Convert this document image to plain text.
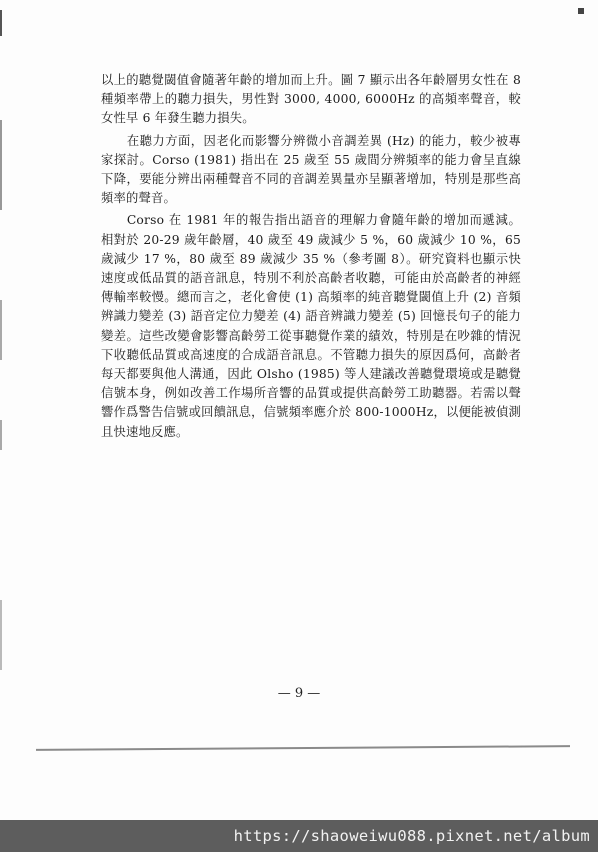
以上的聽覺閾值會隨著年齡的增加而上升。圖 7 顯示出各年齡層男女性在 8 種頻率帶上的聽力損失，男性對 3000, 4000, 6000Hz 的高頻率聲音，較女性早 6 年發生聽力損失。

在聽力方面，因老化而影響分辨微小音調差異 (Hz) 的能力，較少被專家探討。Corso (1981) 指出在 25 歲至 55 歲間分辨頻率的能力會呈直線下降，要能分辨出兩種聲音不同的音調差異量亦呈顯著增加，特別是那些高頻率的聲音。

Corso 在 1981 年的報告指出語音的理解力會隨年齡的增加而遞減。相對於 20-29 歲年齡層，40 歲至 49 歲減少 5 %，60 歲減少 10 %，65 歲減少 17 %，80 歲至 89 歲減少 35 %（參考圖 8）。研究資料也顯示快速度或低品質的語音訊息，特別不利於高齡者收聽，可能由於高齡者的神經傳輸率較慢。總而言之，老化會使 (1) 高頻率的純音聽覺閾值上升 (2) 音頻辨識力變差 (3) 語音定位力變差 (4) 語音辨識力變差 (5) 回憶長句子的能力變差。這些改變會影響高齡勞工從事聽覺作業的績效，特別是在吵雜的情況下收聽低品質或高速度的合成語音訊息。不管聽力損失的原因爲何，高齡者每天都要與他人溝通，因此 Olsho (1985) 等人建議改善聽覺環境或是聽覺信號本身，例如改善工作場所音響的品質或提供高齡勞工助聽器。若需以聲響作爲警告信號或回饋訊息，信號頻率應介於 800-1000Hz，以便能被偵測且快速地反應。

— 9 —
https://shaoweiwu088.pixnet.net/album
